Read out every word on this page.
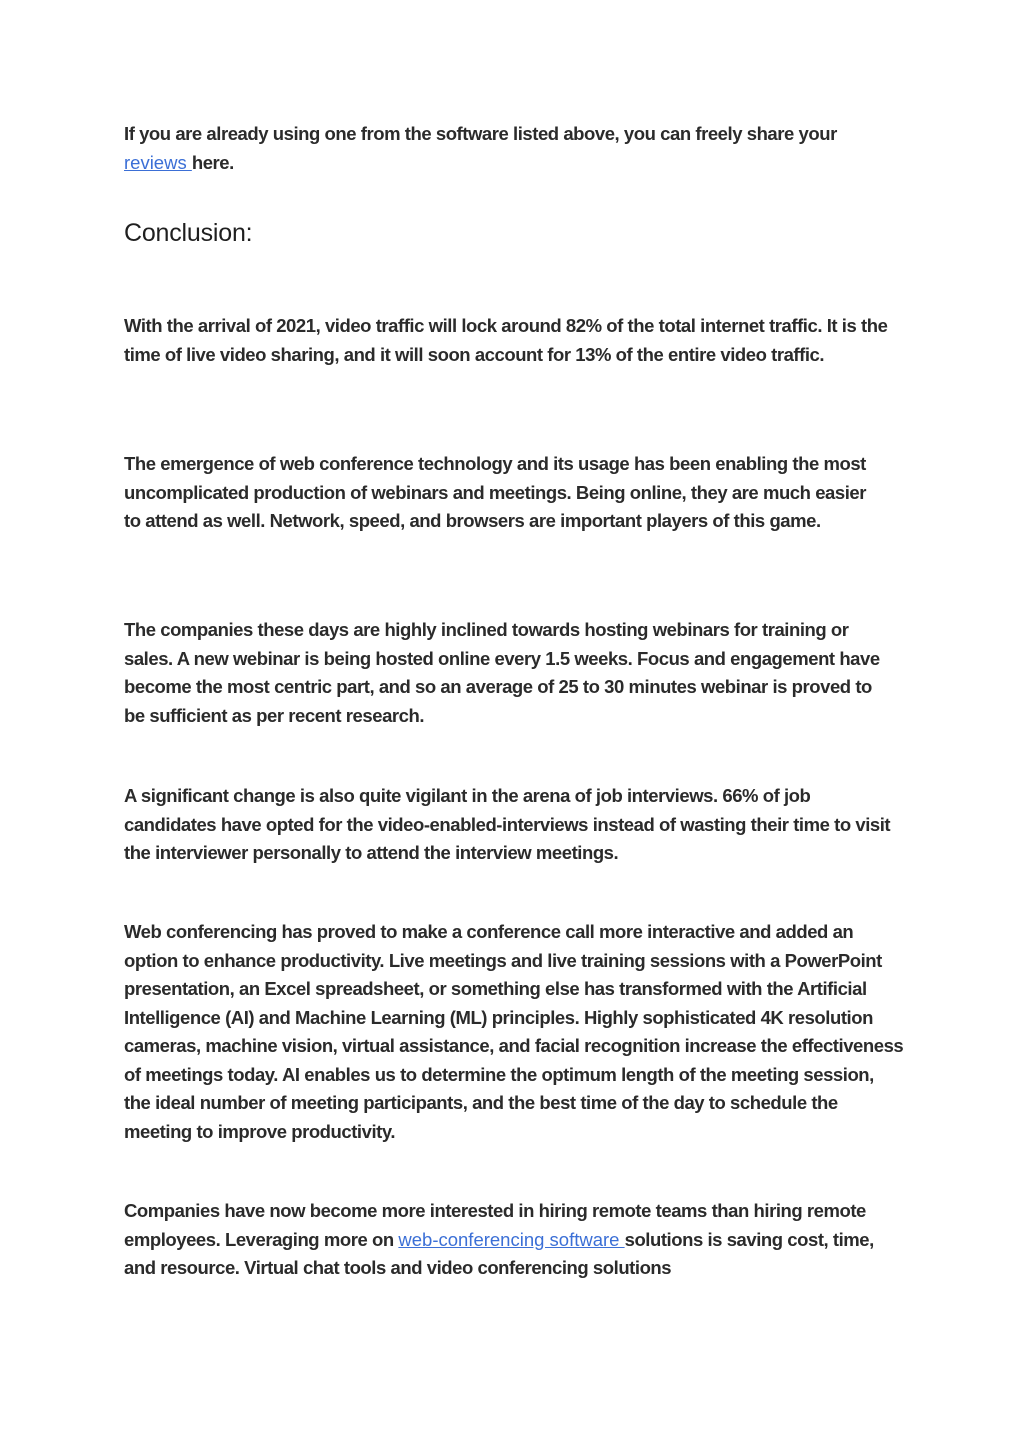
If you are already using one from the software listed above, you can freely share your reviews here.

Conclusion:

With the arrival of 2021, video traffic will lock around 82% of the total internet traffic. It is the time of live video sharing, and it will soon account for 13% of the entire video traffic.

The emergence of web conference technology and its usage has been enabling the most uncomplicated production of webinars and meetings. Being online, they are much easier to attend as well. Network, speed, and browsers are important players of this game.

The companies these days are highly inclined towards hosting webinars for training or sales. A new webinar is being hosted online every 1.5 weeks. Focus and engagement have become the most centric part, and so an average of 25 to 30 minutes webinar is proved to be sufficient as per recent research.

A significant change is also quite vigilant in the arena of job interviews. 66% of job candidates have opted for the video-enabled-interviews instead of wasting their time to visit the interviewer personally to attend the interview meetings.

Web conferencing has proved to make a conference call more interactive and added an option to enhance productivity. Live meetings and live training sessions with a PowerPoint presentation, an Excel spreadsheet, or something else has transformed with the Artificial Intelligence (AI) and Machine Learning (ML) principles. Highly sophisticated 4K resolution cameras, machine vision, virtual assistance, and facial recognition increase the effectiveness of meetings today. AI enables us to determine the optimum length of the meeting session, the ideal number of meeting participants, and the best time of the day to schedule the meeting to improve productivity.

Companies have now become more interested in hiring remote teams than hiring remote employees. Leveraging more on web-conferencing software solutions is saving cost, time, and resource. Virtual chat tools and video conferencing solutions
